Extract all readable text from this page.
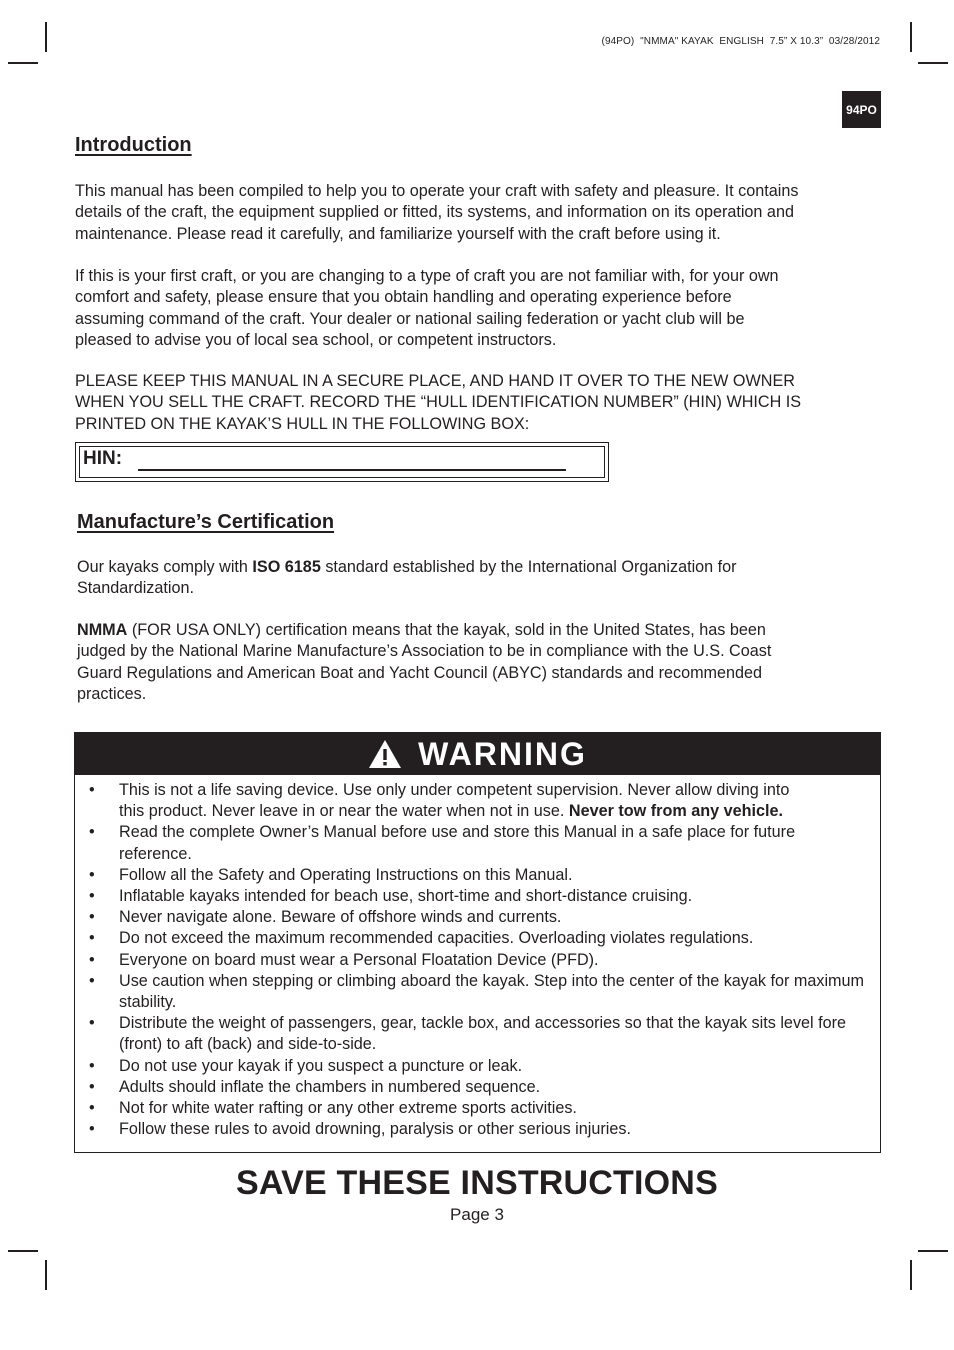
(94PO)  "NMMA" KAYAK  ENGLISH  7.5” X 10.3”  03/28/2012
94PO
Introduction

This manual has been compiled to help you to operate your craft with safety and pleasure. It contains
details of the craft, the equipment supplied or fitted, its systems, and information on its operation and
maintenance. Please read it carefully, and familiarize yourself with the craft before using it.

If this is your first craft, or you are changing to a type of craft you are not familiar with, for your own
comfort and safety, please ensure that you obtain handling and operating experience before
assuming command of the craft. Your dealer or national sailing federation or yacht club will be
pleased to advise you of local sea school, or competent instructors.

PLEASE KEEP THIS MANUAL IN A SECURE PLACE, AND HAND IT OVER TO THE NEW OWNER
WHEN YOU SELL THE CRAFT. RECORD THE “HULL IDENTIFICATION NUMBER” (HIN) WHICH IS
PRINTED ON THE KAYAK’S HULL IN THE FOLLOWING BOX:

HIN:
Manufacture’s Certification

Our kayaks comply with ISO 6185 standard established by the International Organization for
Standardization.

NMMA (FOR USA ONLY) certification means that the kayak, sold in the United States, has been
judged by the National Marine Manufacture’s Association to be in compliance with the U.S. Coast
Guard Regulations and American Boat and Yacht Council (ABYC) standards and recommended
practices.

WARNING
• This is not a life saving device. Use only under competent supervision. Never allow diving into
this product. Never leave in or near the water when not in use. Never tow from any vehicle.
• Read the complete Owner’s Manual before use and store this Manual in a safe place for future reference.
• Follow all the Safety and Operating Instructions on this Manual.
• Inflatable kayaks intended for beach use, short-time and short-distance cruising.
• Never navigate alone. Beware of offshore winds and currents.
• Do not exceed the maximum recommended capacities. Overloading violates regulations.
• Everyone on board must wear a Personal Floatation Device (PFD).
• Use caution when stepping or climbing aboard the kayak. Step into the center of the kayak for maximum stability.
• Distribute the weight of passengers, gear, tackle box, and accessories so that the kayak sits level fore (front) to aft (back) and side-to-side.
• Do not use your kayak if you suspect a puncture or leak.
• Adults should inflate the chambers in numbered sequence.
• Not for white water rafting or any other extreme sports activities.
• Follow these rules to avoid drowning, paralysis or other serious injuries.
SAVE THESE INSTRUCTIONS
Page 3
